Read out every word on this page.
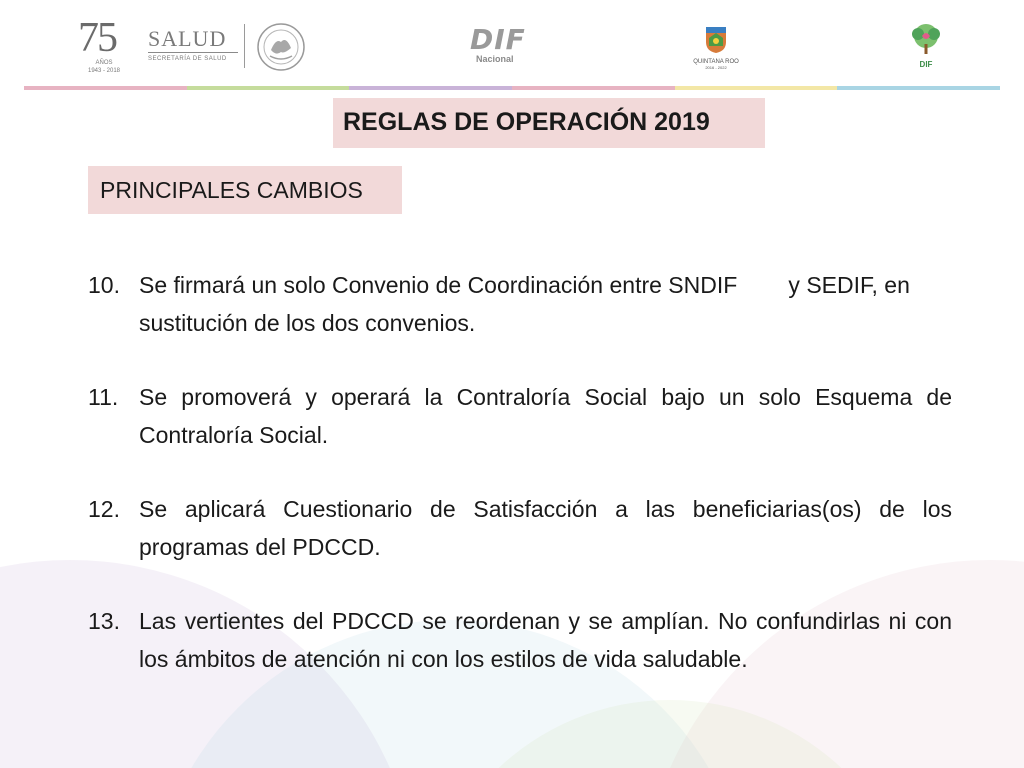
75
AÑOS
1943 - 2018
SALUD
SECRETARÍA DE SALUD
DIF
Nacional	QUINTANA ROO
2016 - 2022	DIF
REGLAS DE OPERACIÓN 2019
PRINCIPALES CAMBIOS
10. Se firmará un solo Convenio de Coordinación entre SNDIF        y SEDIF, en sustitución de los dos convenios.
11. Se promoverá y operará la Contraloría Social bajo un solo Esquema de Contraloría Social.
12. Se aplicará Cuestionario de Satisfacción a las beneficiarias(os) de los programas del PDCCD.
13. Las vertientes del PDCCD se reordenan y se amplían. No confundirlas ni con los ámbitos de atención ni con los estilos de vida saludable.
